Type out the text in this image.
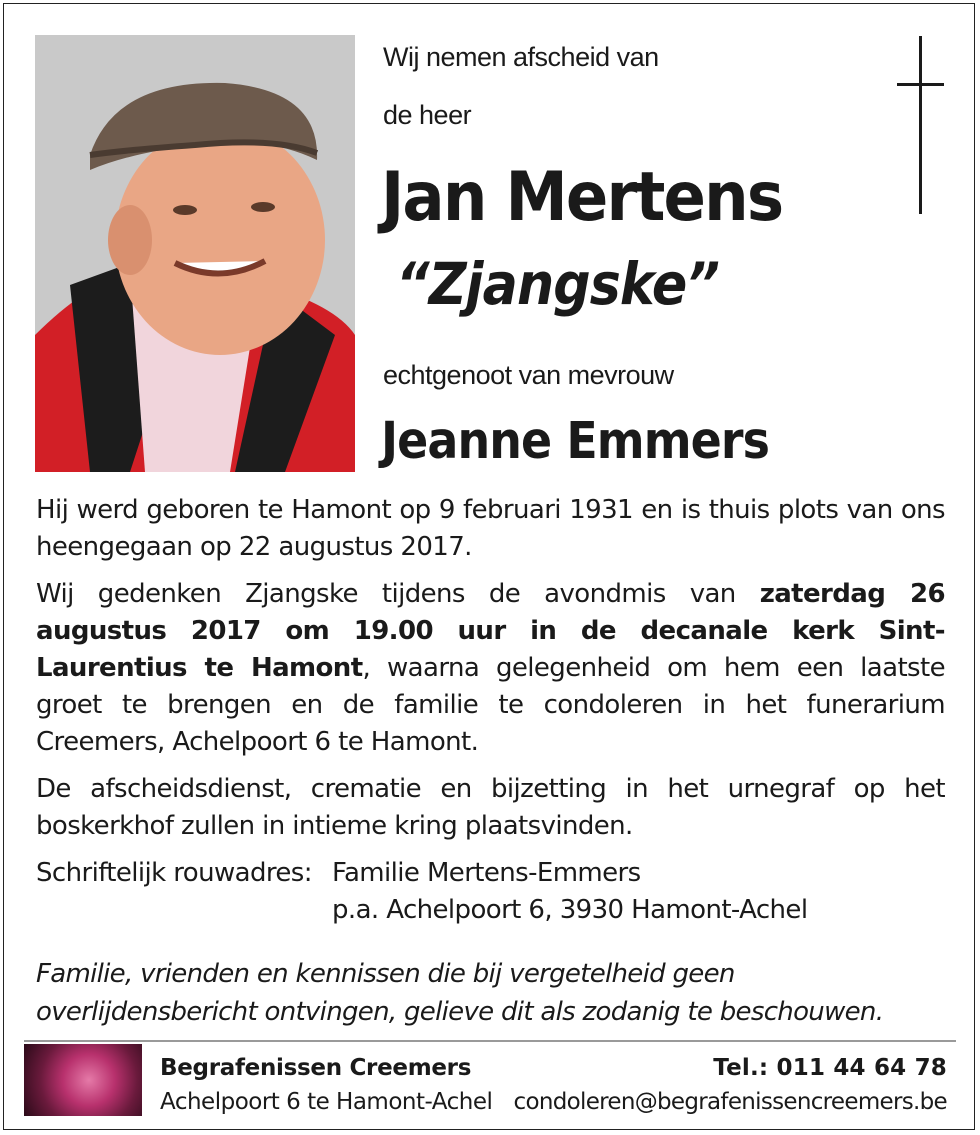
Wij nemen afscheid van
de heer
Jan Mertens
“Zjangske”
echtgenoot van mevrouw
Jeanne Emmers

Hij werd geboren te Hamont op 9 februari 1931 en is thuis plots van ons heengegaan op 22 augustus 2017.

Wij gedenken Zjangske tijdens de avondmis van zaterdag 26 augustus 2017 om 19.00 uur in de decanale kerk Sint-Laurentius te Hamont, waarna gelegenheid om hem een laatste groet te brengen en de familie te condoleren in het funerarium Creemers, Achelpoort 6 te Hamont.

De afscheidsdienst, crematie en bijzetting in het urnegraf op het boskerkhof zullen in intieme kring plaatsvinden.

Schriftelijk rouwadres: Familie Mertens-Emmers
p.a. Achelpoort 6, 3930 Hamont-Achel
Familie, vrienden en kennissen die bij vergetelheid geen overlijdensbericht ontvingen, gelieve dit als zodanig te beschouwen.
Begrafenissen Creemers
Achelpoort 6 te Hamont-Achel
Tel.: 011 44 64 78
condoleren@begrafenissencreemers.be
